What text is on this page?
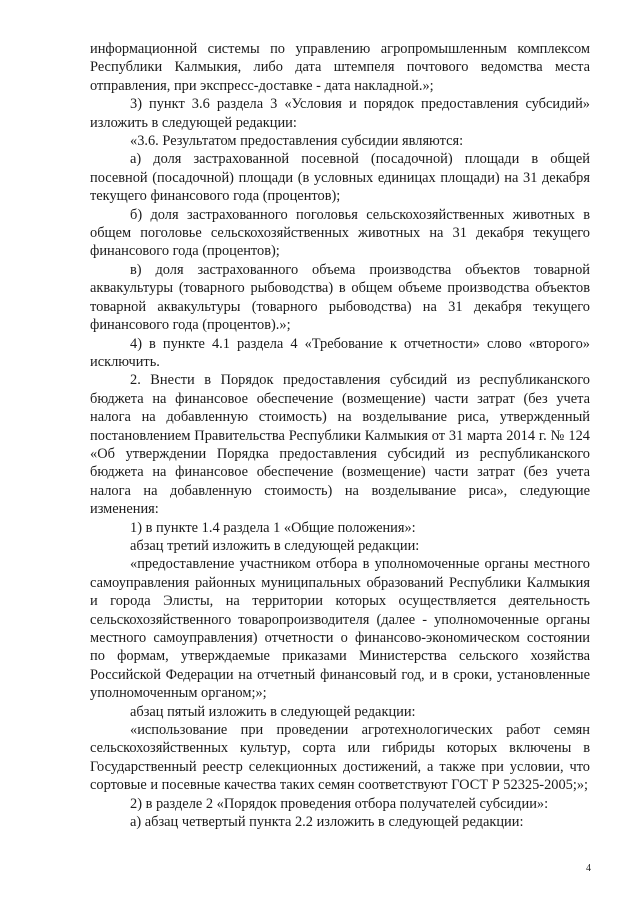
информационной системы по управлению агропромышленным комплексом Республики Калмыкия, либо дата штемпеля почтового ведомства места отправления, при экспресс-доставке - дата накладной.»;

3) пункт 3.6 раздела 3 «Условия и порядок предоставления субсидий» изложить в следующей редакции:

«3.6. Результатом предоставления субсидии являются:

а) доля застрахованной посевной (посадочной) площади в общей посевной (посадочной) площади (в условных единицах площади) на 31 декабря текущего финансового года (процентов);

б) доля застрахованного поголовья сельскохозяйственных животных в общем поголовье сельскохозяйственных животных на 31 декабря текущего финансового года (процентов);

в) доля застрахованного объема производства объектов товарной аквакультуры (товарного рыбоводства) в общем объеме производства объектов товарной аквакультуры (товарного рыбоводства) на 31 декабря текущего финансового года (процентов).»;

4) в пункте 4.1 раздела 4 «Требование к отчетности» слово «второго» исключить.

2. Внести в Порядок предоставления субсидий из республиканского бюджета на финансовое обеспечение (возмещение) части затрат (без учета налога на добавленную стоимость) на возделывание риса, утвержденный постановлением Правительства Республики Калмыкия от 31 марта 2014 г. № 124 «Об утверждении Порядка предоставления субсидий из республиканского бюджета на финансовое обеспечение (возмещение) части затрат (без учета налога на добавленную стоимость) на возделывание риса», следующие изменения:

1) в пункте 1.4 раздела 1 «Общие положения»:

абзац третий изложить в следующей редакции:

«предоставление участником отбора в уполномоченные органы местного самоуправления районных муниципальных образований Республики Калмыкия и города Элисты, на территории которых осуществляется деятельность сельскохозяйственного товаропроизводителя (далее - уполномоченные органы местного самоуправления) отчетности о финансово-экономическом состоянии по формам, утверждаемые приказами Министерства сельского хозяйства Российской Федерации на отчетный финансовый год, и в сроки, установленные уполномоченным органом;»;

абзац пятый изложить в следующей редакции:

«использование при проведении агротехнологических работ семян сельскохозяйственных культур, сорта или гибриды которых включены в Государственный реестр селекционных достижений, а также при условии, что сортовые и посевные качества таких семян соответствуют ГОСТ Р 52325-2005;»;

2) в разделе 2 «Порядок проведения отбора получателей субсидии»:

а) абзац четвертый пункта 2.2 изложить в следующей редакции:

4
